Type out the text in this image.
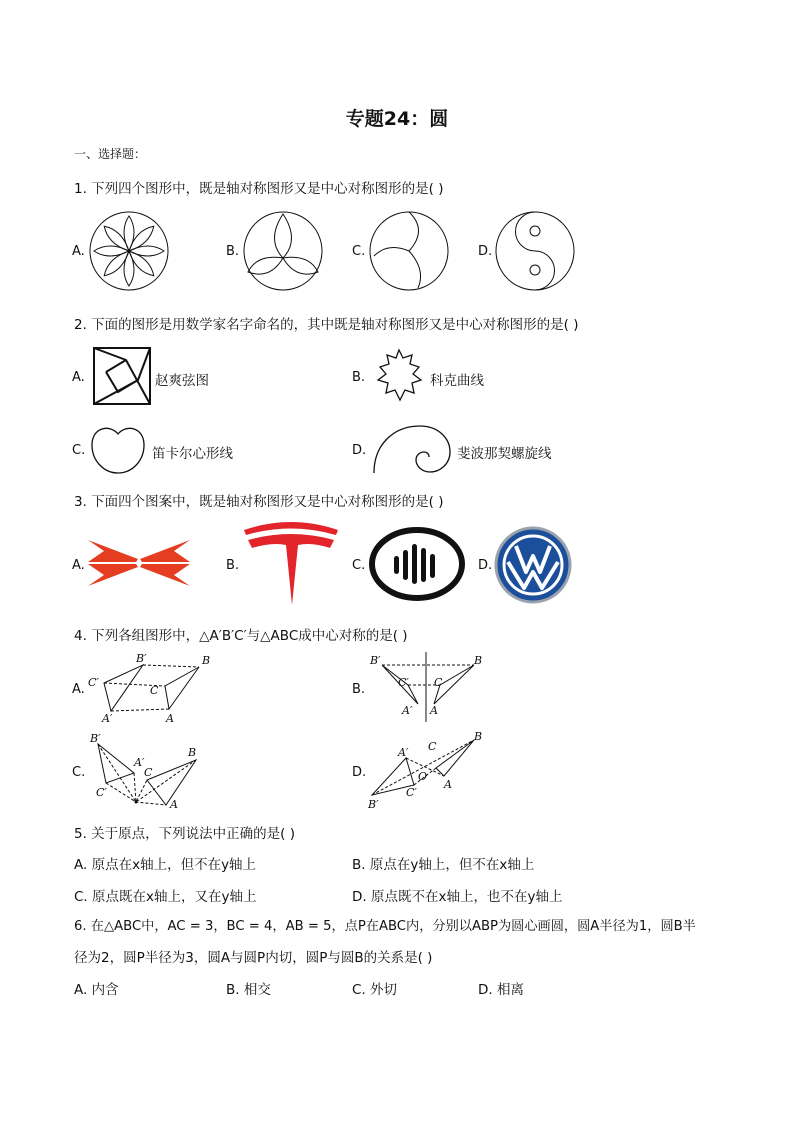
专题24：圆
一、选择题：
1. 下列四个图形中，既是轴对称图形又是中心对称图形的是( )
A.	B.	C.	D.
2. 下面的图形是用数学家名字命名的，其中既是轴对称图形又是中心对称图形的是( )
A.	赵爽弦图	B.	科克曲线
C.	笛卡尔心形线	D.	斐波那契螺旋线
3. 下面四个图案中，既是轴对称图形又是中心对称图形的是( )
A.	B.	C.	D.
VW
4. 下列各组图形中，△A′B′C′与△ABC成中心对称的是( )
A. C′
B′
A′
B
C
A
B.
B′
C′
A′
B
C
A
C.
B′
A′
C′
B
C
A
D.
A′
B′
C′
O
C
B
A
5. 关于原点，下列说法中正确的是( )
A. 原点在x轴上，但不在y轴上	B. 原点在y轴上，但不在x轴上
C. 原点既在x轴上，又在y轴上	D. 原点既不在x轴上，也不在y轴上
6. 在△ABC中，AC = 3，BC = 4，AB = 5，点P在ABC内，分别以ABP为圆心画圆，圆A半径为1，圆B半
径为2，圆P半径为3，圆A与圆P内切，圆P与圆B的关系是( )
A. 内含	B. 相交	C. 外切	D. 相离
